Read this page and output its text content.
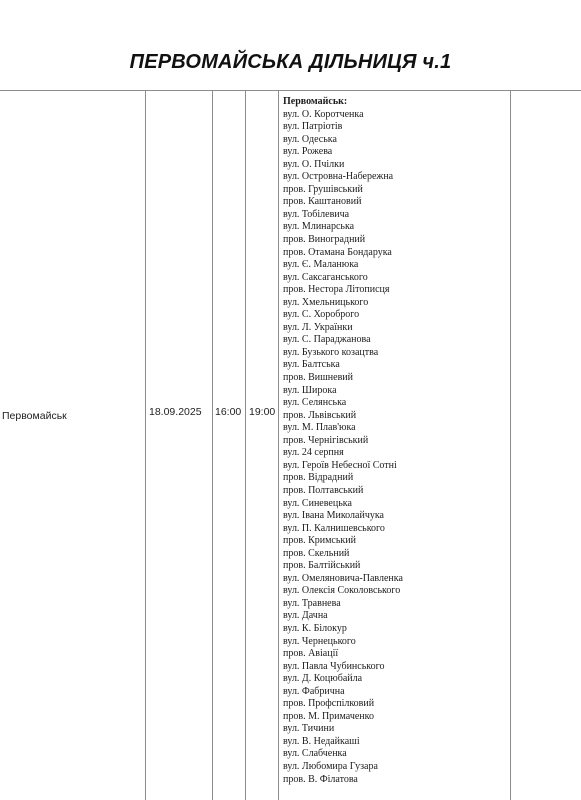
ПЕРВОМАЙСЬКА ДІЛЬНИЦЯ ч.1
Первомайськ	18.09.2025 16:00 19:00
Первомайськ:
вул. О. Коротченка
вул. Патріотів
вул. Одеська
вул. Рожева
вул. О. Пчілки
вул. Островна-Набережна
пров. Грушівський
пров. Каштановий
вул. Тобілевича
вул. Млинарська
пров. Виноградний
пров. Отамана Бондарука
вул. Є. Маланюка
вул. Саксаганського
пров. Нестора Літописця
вул. Хмельницького
вул. С. Хороброго
вул. Л. Українки
вул. С. Параджанова
вул. Бузького козацтва
вул. Балтська
пров. Вишневий
вул. Широка
вул. Селянська
пров. Львівський
вул. М. Плав'юка
пров. Чернігівський
вул. 24 серпня
вул. Героїв Небесної Сотні
пров. Відрадний
пров. Полтавський
вул. Синевецька
вул. Івана Миколайчука
вул. П. Калнишевського
пров. Кримський
пров. Скельний
пров. Балтійський
вул. Омеляновича-Павленка
вул. Олексія Соколовського
вул. Травнева
вул. Дачна
вул. К. Білокур
вул. Чернецького
пров. Авіації
вул. Павла Чубинського
вул. Д. Коцюбайла
вул. Фабрична
пров. Профспілковий
пров. М. Примаченко
вул. Тичини
вул. В. Недайкаші
вул. Слабченка
вул. Любомира Гузара
пров. В. Філатова
